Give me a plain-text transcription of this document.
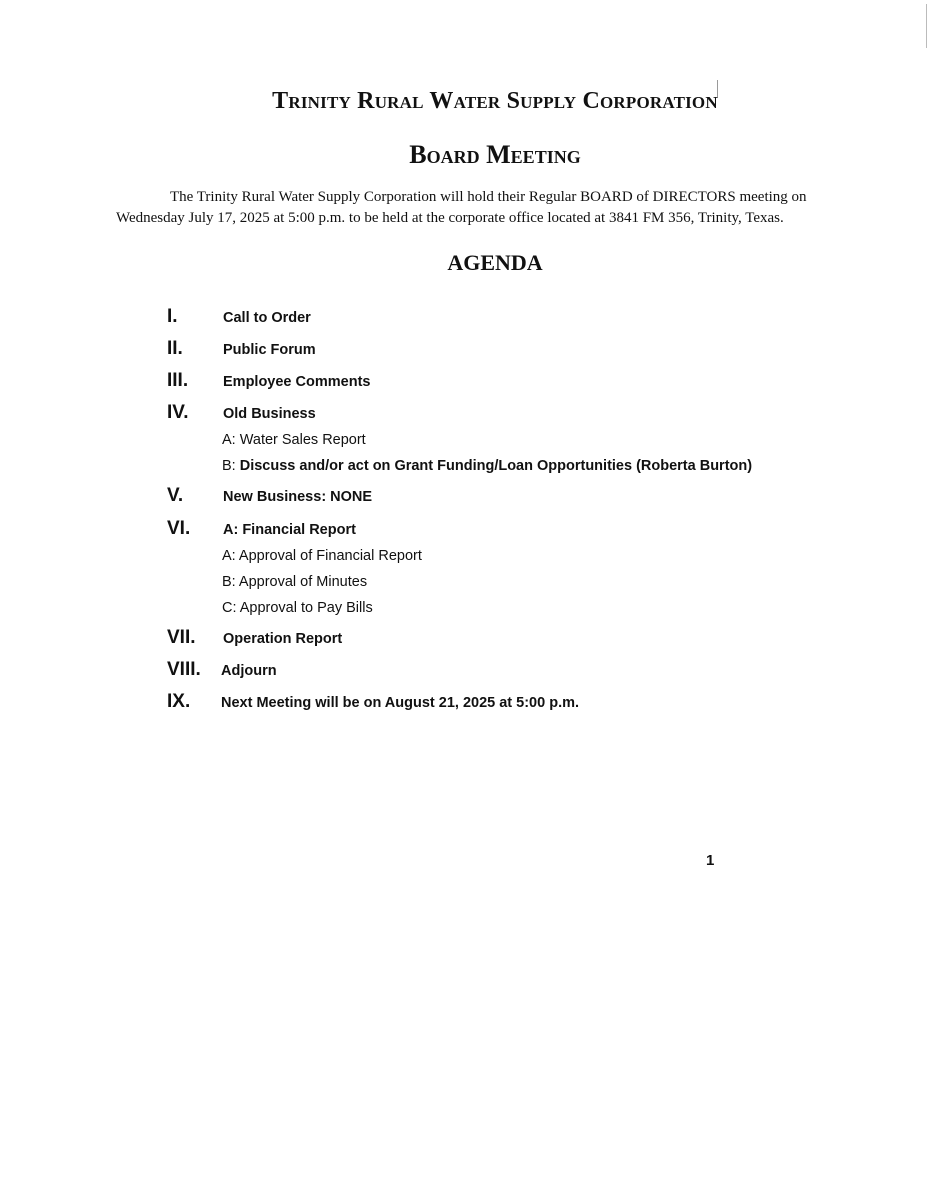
Trinity Rural Water Supply Corporation
Board Meeting

The Trinity Rural Water Supply Corporation will hold their Regular BOARD of DIRECTORS meeting on Wednesday July 17, 2025 at 5:00 p.m. to be held at the corporate office located at 3841 FM 356, Trinity, Texas.

AGENDA
I.	Call to Order
II.	Public Forum
III. Employee Comments
IV. Old Business
A: Water Sales Report
B: Discuss and/or act on Grant Funding/Loan Opportunities (Roberta Burton)
V.	New Business: NONE
VI. A: Financial Report
A: Approval of Financial Report
B: Approval of Minutes
C: Approval to Pay Bills
VII. Operation Report
VIII. Adjourn
IX. Next Meeting will be on August 21, 2025 at 5:00 p.m.
1
